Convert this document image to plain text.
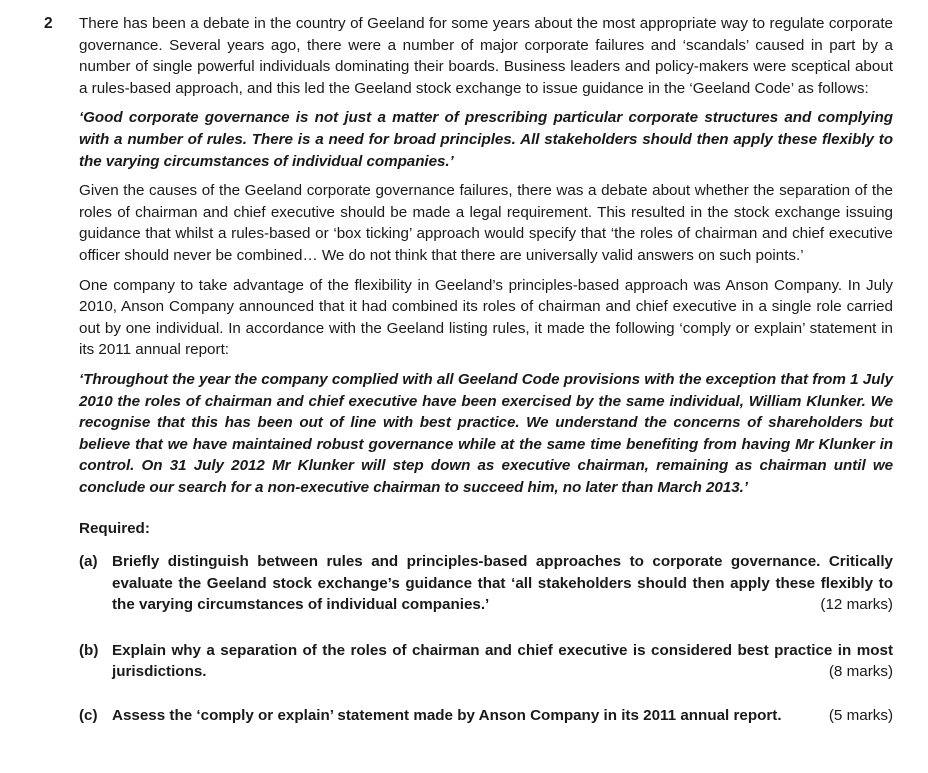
2 There has been a debate in the country of Geeland for some years about the most appropriate way to regulate corporate governance. Several years ago, there were a number of major corporate failures and ‘scandals’ caused in part by a number of single powerful individuals dominating their boards. Business leaders and policy-makers were sceptical about a rules-based approach, and this led the Geeland stock exchange to issue guidance in the ‘Geeland Code’ as follows:

‘Good corporate governance is not just a matter of prescribing particular corporate structures and complying with a number of rules. There is a need for broad principles. All stakeholders should then apply these flexibly to the varying circumstances of individual companies.’

Given the causes of the Geeland corporate governance failures, there was a debate about whether the separation of the roles of chairman and chief executive should be made a legal requirement. This resulted in the stock exchange issuing guidance that whilst a rules-based or ‘box ticking’ approach would specify that ‘the roles of chairman and chief executive officer should never be combined… We do not think that there are universally valid answers on such points.’

One company to take advantage of the flexibility in Geeland’s principles-based approach was Anson Company. In July 2010, Anson Company announced that it had combined its roles of chairman and chief executive in a single role carried out by one individual. In accordance with the Geeland listing rules, it made the following ‘comply or explain’ statement in its 2011 annual report:

‘Throughout the year the company complied with all Geeland Code provisions with the exception that from 1 July 2010 the roles of chairman and chief executive have been exercised by the same individual, William Klunker. We recognise that this has been out of line with best practice. We understand the concerns of shareholders but believe that we have maintained robust governance while at the same time benefiting from having Mr Klunker in control. On 31 July 2012 Mr Klunker will step down as executive chairman, remaining as chairman until we conclude our search for a non-executive chairman to succeed him, no later than March 2013.’

Required:

(a) Briefly distinguish between rules and principles-based approaches to corporate governance. Critically evaluate the Geeland stock exchange’s guidance that ‘all stakeholders should then apply these flexibly to the varying circumstances of individual companies.’	(12 marks)
(b) Explain why a separation of the roles of chairman and chief executive is considered best practice in most jurisdictions.	(8 marks)
(c) Assess the ‘comply or explain’ statement made by Anson Company in its 2011 annual report.	(5 marks)
